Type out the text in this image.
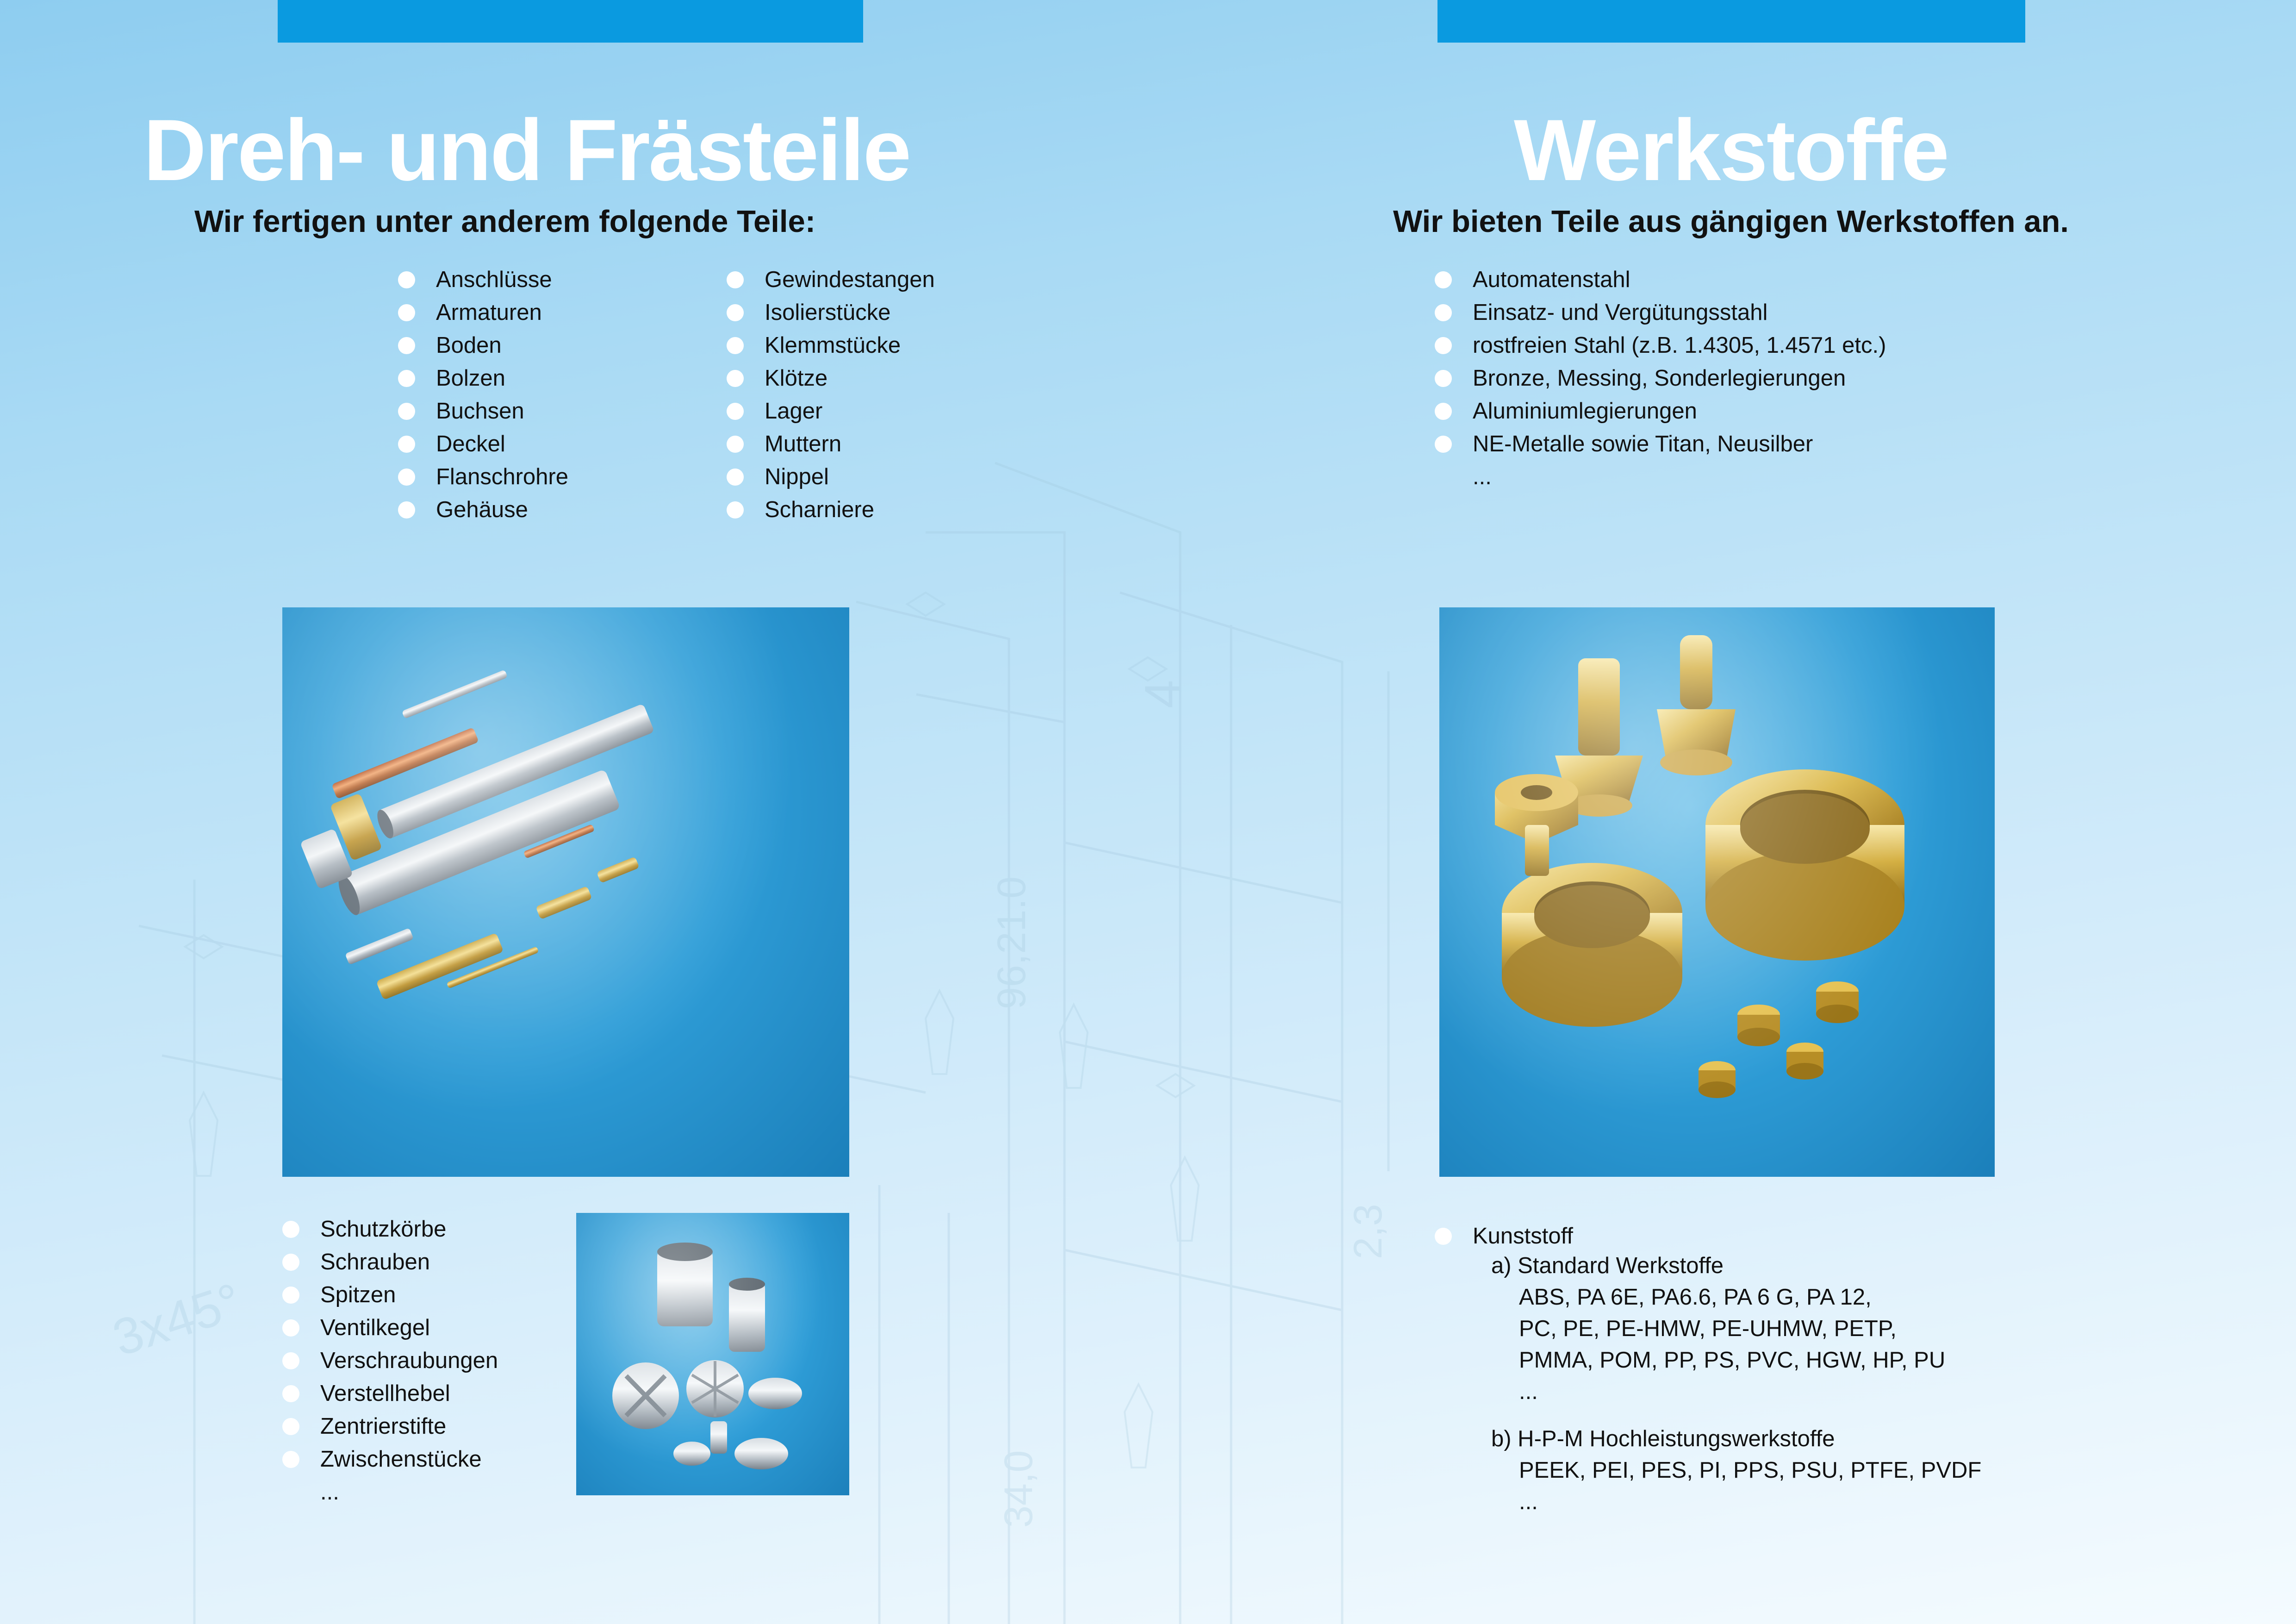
3x45°
4
96,21.0
2,3
34,0
Dreh- und Frästeile
Wir fertigen unter anderem folgende Teile:
Anschlüsse
Armaturen
Boden
Bolzen
Buchsen
Deckel
Flanschrohre
Gehäuse
Gewindestangen
Isolierstücke
Klemmstücke
Klötze
Lager
Muttern
Nippel
Scharniere
Schutzkörbe
Schrauben
Spitzen
Ventilkegel
Verschraubungen
Verstellhebel
Zentrierstifte
Zwischenstücke
...
Werkstoffe
Wir bieten Teile aus gängigen Werkstoffen an.
Automatenstahl
Einsatz- und Vergütungsstahl
rostfreien Stahl (z.B. 1.4305, 1.4571 etc.)
Bronze, Messing, Sonderlegierungen
Aluminiumlegierungen
NE-Metalle sowie Titan, Neusilber
...
Kunststoff
a) Standard Werkstoffe
ABS, PA 6E, PA6.6, PA 6 G, PA 12,
PC, PE, PE-HMW, PE-UHMW, PETP,
PMMA, POM, PP, PS, PVC, HGW, HP, PU
...
b) H-P-M Hochleistungswerkstoffe
PEEK, PEI, PES, PI, PPS, PSU, PTFE, PVDF
...
